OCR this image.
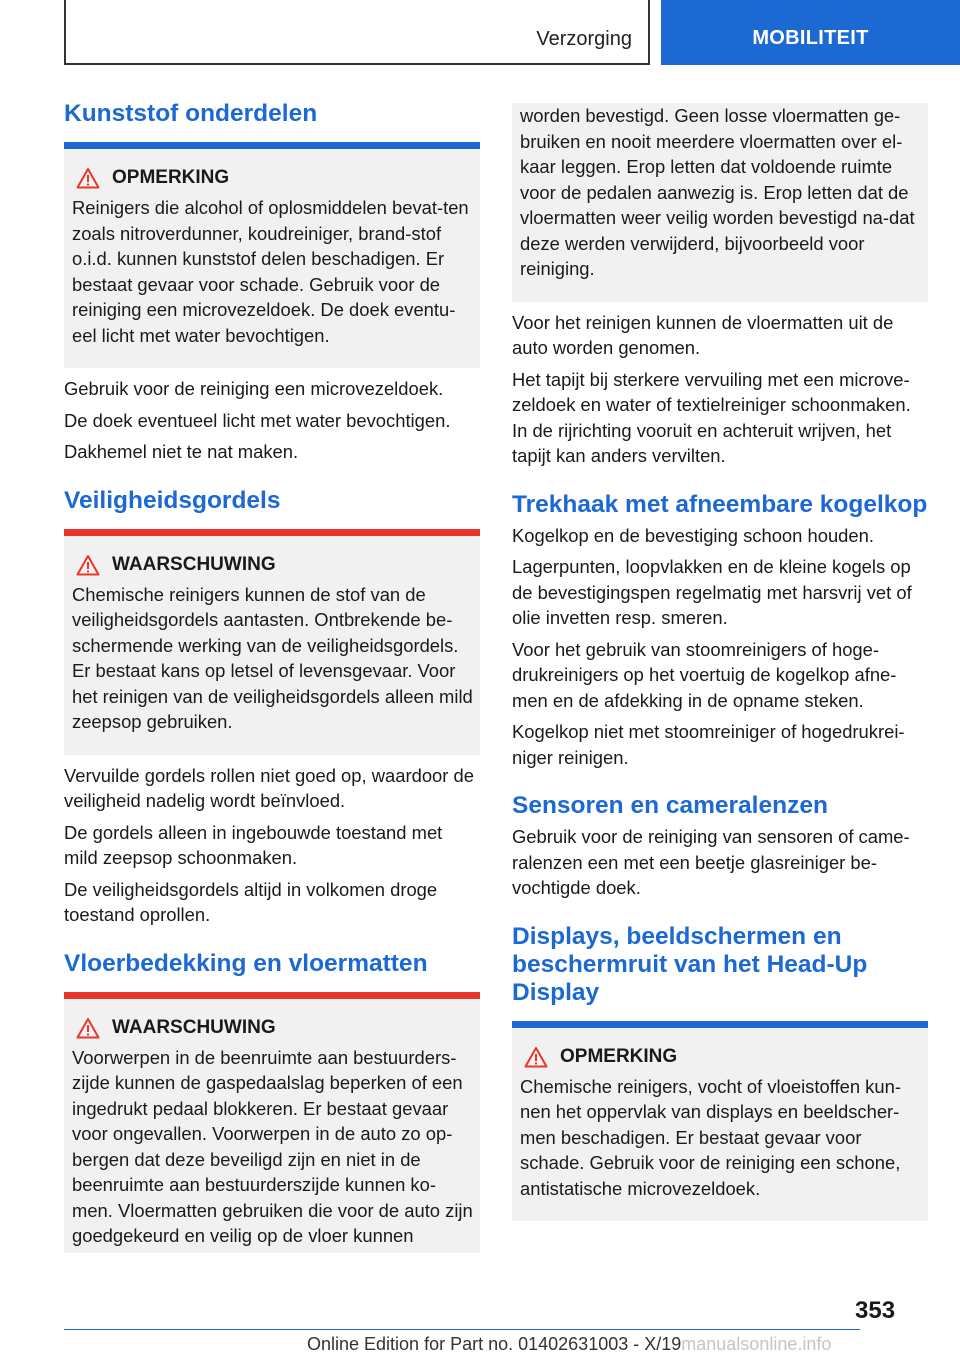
Verzorging	MOBILITEIT
Kunststof onderdelen
OPMERKING

Reinigers die alcohol of oplosmiddelen bevat-ten zoals nitroverdunner, koudreiniger, brand-stof o.i.d. kunnen kunststof delen beschadigen. Er bestaat gevaar voor schade. Gebruik voor de reiniging een microvezeldoek. De doek eventu-eel licht met water bevochtigen.

Gebruik voor de reiniging een microvezeldoek.

De doek eventueel licht met water bevochtigen.

Dakhemel niet te nat maken.

Veiligheidsgordels
WAARSCHUWING

Chemische reinigers kunnen de stof van de veiligheidsgordels aantasten. Ontbrekende be-schermende werking van de veiligheidsgordels. Er bestaat kans op letsel of levensgevaar. Voor het reinigen van de veiligheidsgordels alleen mild zeepsop gebruiken.

Vervuilde gordels rollen niet goed op, waardoor de veiligheid nadelig wordt beïnvloed.

De gordels alleen in ingebouwde toestand met mild zeepsop schoonmaken.

De veiligheidsgordels altijd in volkomen droge toestand oprollen.

Vloerbedekking en vloermatten
WAARSCHUWING

Voorwerpen in de beenruimte aan bestuurders-zijde kunnen de gaspedaalslag beperken of een ingedrukt pedaal blokkeren. Er bestaat gevaar voor ongevallen. Voorwerpen in de auto zo op-bergen dat deze beveiligd zijn en niet in de beenruimte aan bestuurderszijde kunnen ko-men. Vloermatten gebruiken die voor de auto zijn goedgekeurd en veilig op de vloer kunnen

worden bevestigd. Geen losse vloermatten ge-bruiken en nooit meerdere vloermatten over el-kaar leggen. Erop letten dat voldoende ruimte voor de pedalen aanwezig is. Erop letten dat de vloermatten weer veilig worden bevestigd na-dat deze werden verwijderd, bijvoorbeeld voor reiniging.

Voor het reinigen kunnen de vloermatten uit de auto worden genomen.

Het tapijt bij sterkere vervuiling met een microve-zeldoek en water of textielreiniger schoonmaken. In de rijrichting vooruit en achteruit wrijven, het tapijt kan anders vervilten.

Trekhaak met afneembare kogelkop

Kogelkop en de bevestiging schoon houden.

Lagerpunten, loopvlakken en de kleine kogels op de bevestigingspen regelmatig met harsvrij vet of olie invetten resp. smeren.

Voor het gebruik van stoomreinigers of hoge-drukreinigers op het voertuig de kogelkop afne-men en de afdekking in de opname steken.

Kogelkop niet met stoomreiniger of hogedrukrei-niger reinigen.

Sensoren en cameralenzen

Gebruik voor de reiniging van sensoren of came-ralenzen een met een beetje glasreiniger be-vochtigde doek.

Displays, beeldschermen en beschermruit van het Head-Up Display
OPMERKING

Chemische reinigers, vocht of vloeistoffen kun-nen het oppervlak van displays en beeldscher-men beschadigen. Er bestaat gevaar voor schade. Gebruik voor de reiniging een schone, antistatische microvezeldoek.

353
Online Edition for Part no. 01402631003 - X/19manualsonline.info
